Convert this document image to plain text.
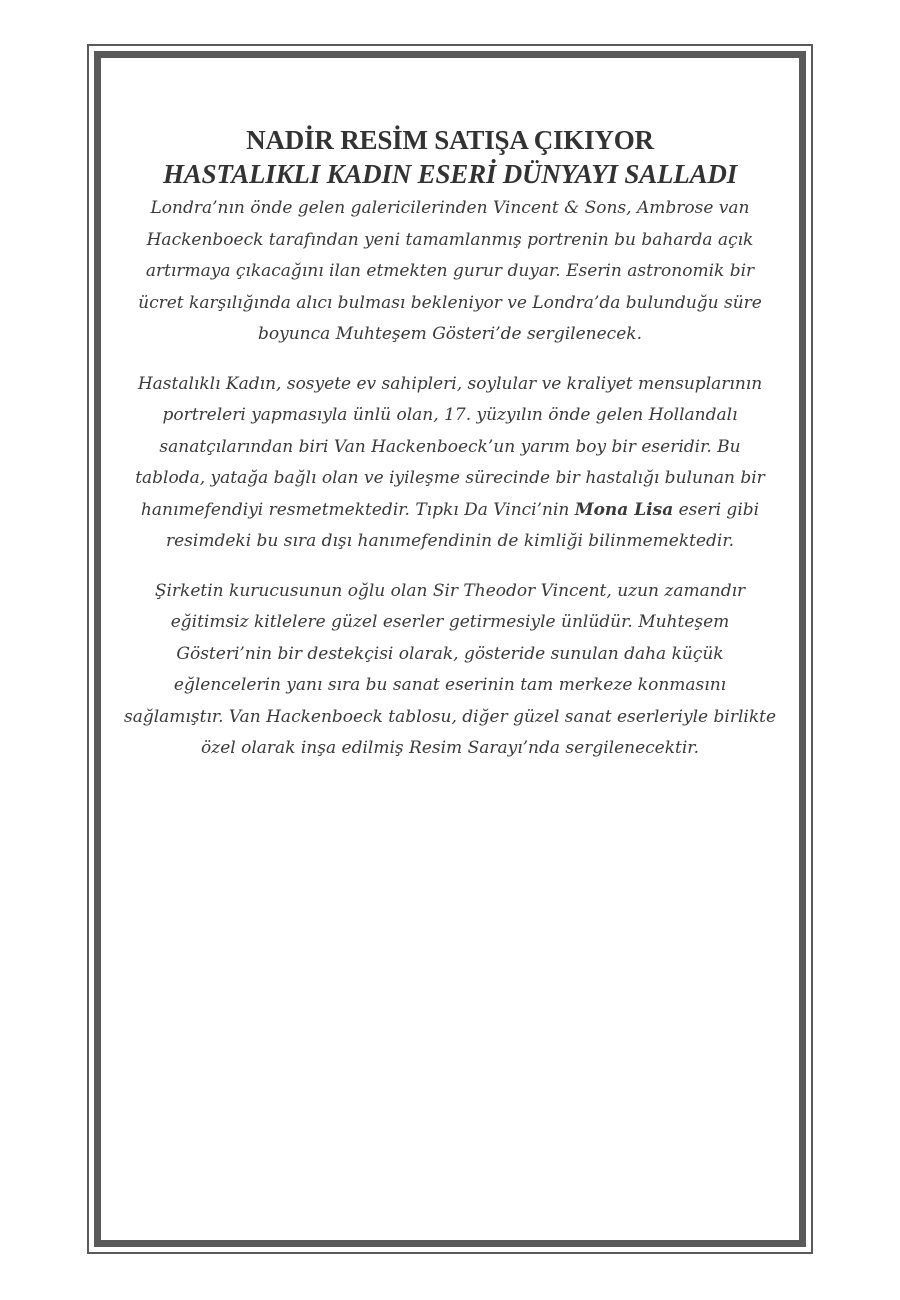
NADİR RESİM SATIŞA ÇIKIYOR
HASTALIKLI KADIN ESERİ DÜNYAYI SALLADI

Londra’nın önde gelen galericilerinden Vincent & Sons, Ambrose van Hackenboeck tarafından yeni tamamlanmış portrenin bu baharda açık artırmaya çıkacağını ilan etmekten gurur duyar. Eserin astronomik bir ücret karşılığında alıcı bulması bekleniyor ve Londra’da bulunduğu süre boyunca Muhteşem Gösteri’de sergilenecek.

Hastalıklı Kadın, sosyete ev sahipleri, soylular ve kraliyet mensuplarının portreleri yapmasıyla ünlü olan, 17. yüzyılın önde gelen Hollandalı sanatçılarından biri Van Hackenboeck’un yarım boy bir eseridir. Bu tabloda, yatağa bağlı olan ve iyileşme sürecinde bir hastalığı bulunan bir hanımefendiyi resmetmektedir. Tıpkı Da Vinci’nin Mona Lisa eseri gibi resimdeki bu sıra dışı hanımefendinin de kimliği bilinmemektedir.

Şirketin kurucusunun oğlu olan Sir Theodor Vincent, uzun zamandır eğitimsiz kitlelere güzel eserler getirmesiyle ünlüdür. Muhteşem Gösteri’nin bir destekçisi olarak, gösteride sunulan daha küçük eğlencelerin yanı sıra bu sanat eserinin tam merkeze konmasını sağlamıştır. Van Hackenboeck tablosu, diğer güzel sanat eserleriyle birlikte özel olarak inşa edilmiş Resim Sarayı’nda sergilenecektir.
